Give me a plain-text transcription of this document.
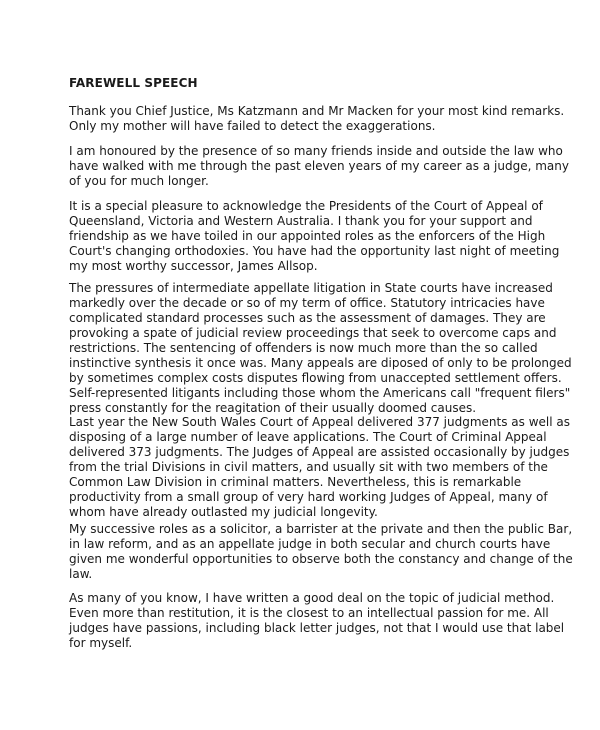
FAREWELL SPEECH

Thank you Chief Justice, Ms Katzmann and Mr Macken for your most kind remarks.
Only my mother will have failed to detect the exaggerations.

I am honoured by the presence of so many friends inside and outside the law who
have walked with me through the past eleven years of my career as a judge, many
of you for much longer.

It is a special pleasure to acknowledge the Presidents of the Court of Appeal of
Queensland, Victoria and Western Australia. I thank you for your support and
friendship as we have toiled in our appointed roles as the enforcers of the High
Court's changing orthodoxies. You have had the opportunity last night of meeting
my most worthy successor, James Allsop.

The pressures of intermediate appellate litigation in State courts have increased
markedly over the decade or so of my term of office. Statutory intricacies have
complicated standard processes such as the assessment of damages. They are
provoking a spate of judicial review proceedings that seek to overcome caps and
restrictions. The sentencing of offenders is now much more than the so called
instinctive synthesis it once was. Many appeals are diposed of only to be prolonged
by sometimes complex costs disputes flowing from unaccepted settlement offers.
Self-represented litigants including those whom the Americans call "frequent filers"
press constantly for the reagitation of their usually doomed causes.

Last year the New South Wales Court of Appeal delivered 377 judgments as well as
disposing of a large number of leave applications. The Court of Criminal Appeal
delivered 373 judgments. The Judges of Appeal are assisted occasionally by judges
from the trial Divisions in civil matters, and usually sit with two members of the
Common Law Division in criminal matters. Nevertheless, this is remarkable
productivity from a small group of very hard working Judges of Appeal, many of
whom have already outlasted my judicial longevity.

My successive roles as a solicitor, a barrister at the private and then the public Bar,
in law reform, and as an appellate judge in both secular and church courts have
given me wonderful opportunities to observe both the constancy and change of the
law.

As many of you know, I have written a good deal on the topic of judicial method.
Even more than restitution, it is the closest to an intellectual passion for me. All
judges have passions, including black letter judges, not that I would use that label
for myself.
